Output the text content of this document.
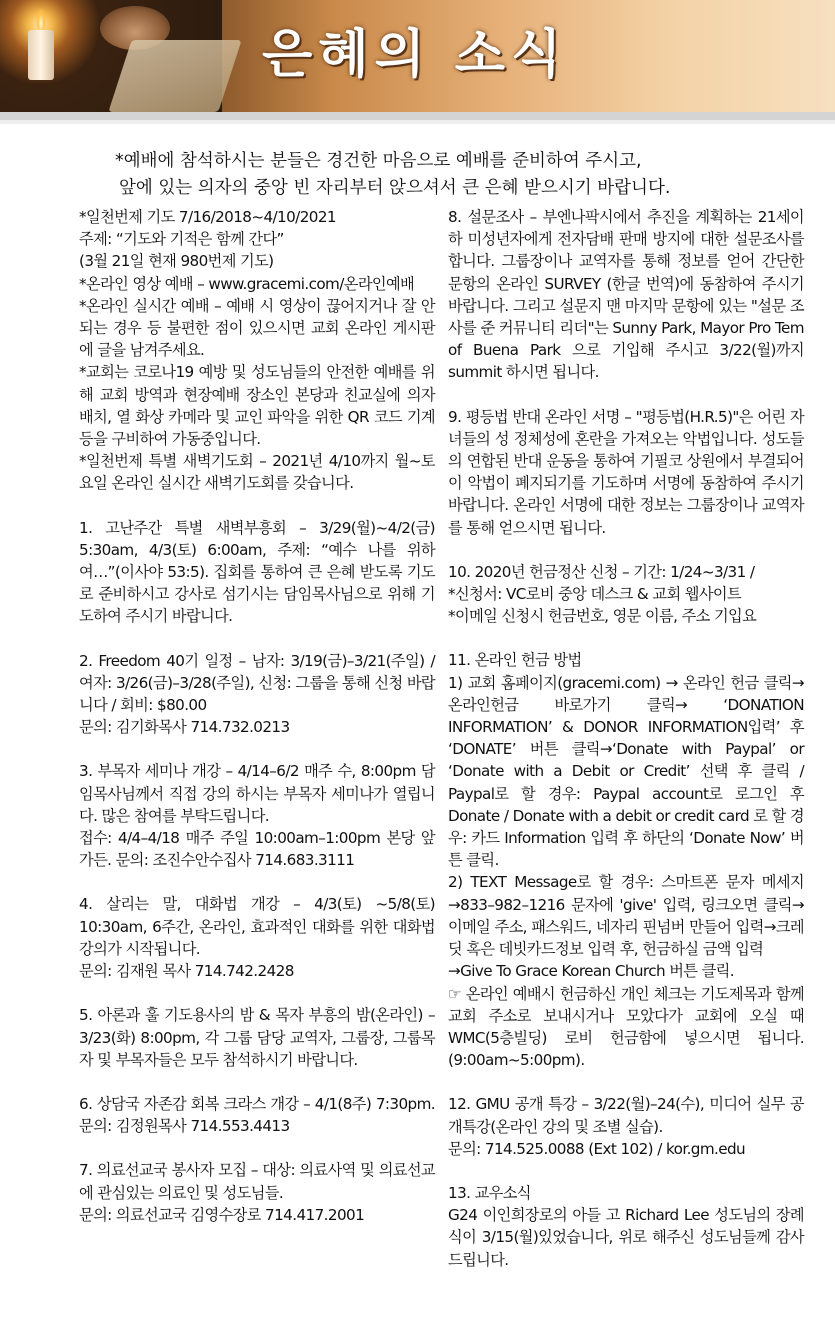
은혜의 소식
*예배에 참석하시는 분들은 경건한 마음으로 예배를 준비하여 주시고,
앞에 있는 의자의 중앙 빈 자리부터 앉으셔서 큰 은혜 받으시기 바랍니다.

*일천번제 기도 7/16/2018~4/10/2021
주제: “기도와 기적은 함께 간다”
(3월 21일 현재 980번제 기도)
*온라인 영상 예배 – www.gracemi.com/온라인예배
*온라인 실시간 예배 – 예배 시 영상이 끊어지거나 잘 안 되는 경우 등 불편한 점이 있으시면 교회 온라인 게시판에 글을 남겨주세요.
*교회는 코로나19 예방 및 성도님들의 안전한 예배를 위해 교회 방역과 현장예배 장소인 본당과 친교실에 의자 배치, 열 화상 카메라 및 교인 파악을 위한 QR 코드 기계 등을 구비하여 가동중입니다.
*일천번제 특별 새벽기도회 – 2021년 4/10까지 월~토요일 온라인 실시간 새벽기도회를 갖습니다.

1. 고난주간 특별 새벽부흥회 – 3/29(월)~4/2(금) 5:30am, 4/3(토) 6:00am, 주제: “예수 나를 위하여…”(이사야 53:5). 집회를 통하여 큰 은혜 받도록 기도로 준비하시고 강사로 섬기시는 담임목사님으로 위해 기도하여 주시기 바랍니다.

2. Freedom 40기 일정 – 남자: 3/19(금)–3/21(주일) / 여자: 3/26(금)–3/28(주일), 신청: 그룹을 통해 신청 바랍니다 / 회비: $80.00
문의: 김기화목사 714.732.0213

3. 부목자 세미나 개강 – 4/14–6/2 매주 수, 8:00pm 담임목사님께서 직접 강의 하시는 부목자 세미나가 열립니다. 많은 참여를 부탁드립니다.
접수: 4/4–4/18 매주 주일 10:00am–1:00pm 본당 앞 가든. 문의: 조진수안수집사 714.683.3111

4. 살리는 말, 대화법 개강 – 4/3(토) ~5/8(토) 10:30am, 6주간, 온라인, 효과적인 대화를 위한 대화법 강의가 시작됩니다.
문의: 김재원 목사 714.742.2428

5. 아론과 훌 기도용사의 밤 & 목자 부흥의 밤(온라인) – 3/23(화) 8:00pm, 각 그룹 담당 교역자, 그룹장, 그룹목자 및 부목자들은 모두 참석하시기 바랍니다.

6. 상담국 자존감 회복 크라스 개강 – 4/1(8주) 7:30pm. 문의: 김정원목사 714.553.4413

7. 의료선교국 봉사자 모집 – 대상: 의료사역 및 의료선교에 관심있는 의료인 및 성도님들.
문의: 의료선교국 김영수장로 714.417.2001

8. 설문조사 – 부엔나팍시에서 추진을 계획하는 21세이하 미성년자에게 전자담배 판매 방지에 대한 설문조사를 합니다. 그룹장이나 교역자를 통해 정보를 얻어 간단한 문항의 온라인 SURVEY (한글 번역)에 동참하여 주시기 바랍니다. 그리고 설문지 맨 마지막 문항에 있는 "설문 조사를 준 커뮤니티 리더"는 Sunny Park, Mayor Pro Tem of Buena Park 으로 기입해 주시고 3/22(월)까지 summit 하시면 됩니다.

9. 평등법 반대 온라인 서명 – "평등법(H.R.5)"은 어린 자녀들의 성 정체성에 혼란을 가져오는 악법입니다. 성도들의 연합된 반대 운동을 통하여 기필코 상원에서 부결되어 이 악법이 폐지되기를 기도하며 서명에 동참하여 주시기 바랍니다. 온라인 서명에 대한 정보는 그룹장이나 교역자를 통해 얻으시면 됩니다.

10. 2020년 헌금정산 신청 – 기간: 1/24~3/31 /
*신청서: VC로비 중앙 데스크 & 교회 웹사이트
*이메일 신청시 헌금번호, 영문 이름, 주소 기입요

11. 온라인 헌금 방법
1) 교회 홈페이지(gracemi.com) → 온라인 헌금 클릭→온라인헌금 바로가기 클릭→ ‘DONATION INFORMATION’ & DONOR INFORMATION입력’ 후 ‘DONATE’ 버튼 클릭→‘Donate with Paypal’ or ‘Donate with a Debit or Credit’ 선택 후 클릭 / Paypal로 할 경우: Paypal account로 로그인 후 Donate / Donate with a debit or credit card 로 할 경우: 카드 Information 입력 후 하단의 ‘Donate Now’ 버튼 클릭.
2) TEXT Message로 할 경우: 스마트폰 문자 메세지→833–982–1216 문자에 'give' 입력, 링크오면 클릭→이메일 주소, 패스워드, 네자리 핀넘버 만들어 입력→크레딧 혹은 데빗카드정보 입력 후, 헌금하실 금액 입력
→Give To Grace Korean Church 버튼 클릭.
☞ 온라인 예배시 헌금하신 개인 체크는 기도제목과 함께 교회 주소로 보내시거나 모았다가 교회에 오실 때 WMC(5층빌딩) 로비 헌금함에 넣으시면 됩니다. (9:00am~5:00pm).

12. GMU 공개 특강 – 3/22(월)–24(수), 미디어 실무 공개특강(온라인 강의 및 조별 실습).
문의: 714.525.0088 (Ext 102) / kor.gm.edu

13. 교우소식
G24 이인희장로의 아들 고 Richard Lee 성도님의 장례식이 3/15(월)있었습니다, 위로 해주신 성도님들께 감사드립니다.
